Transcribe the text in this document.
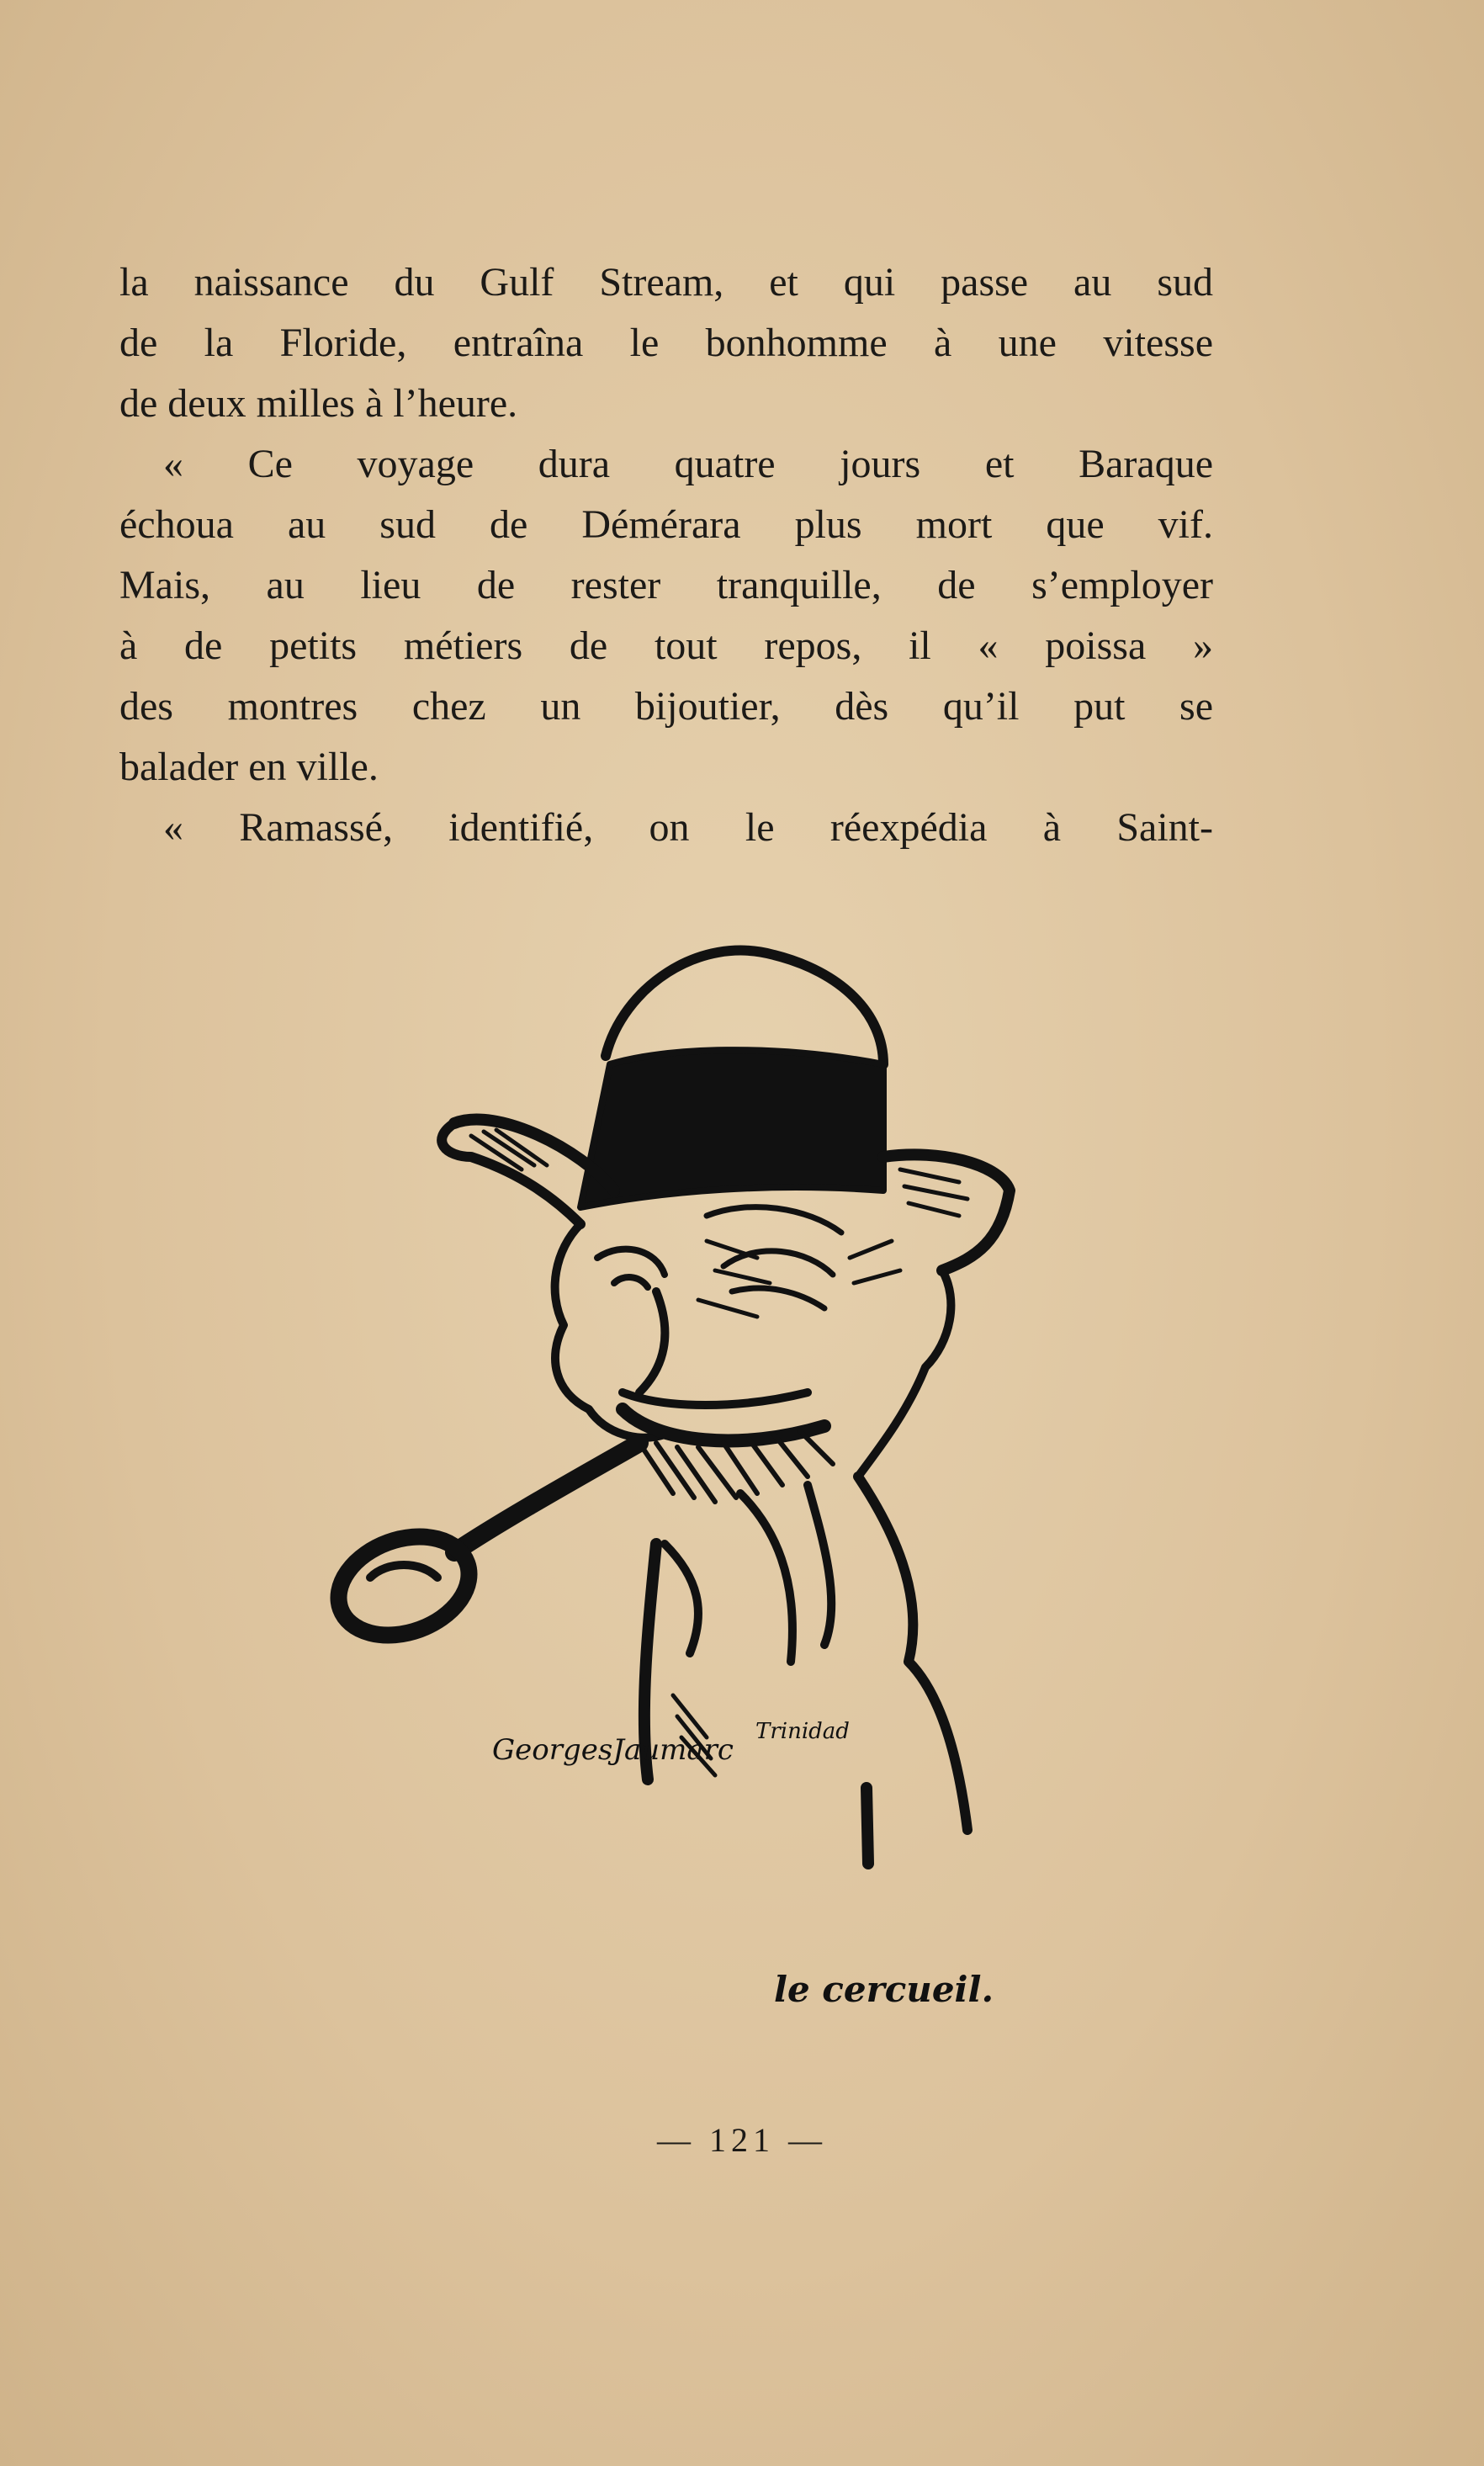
la naissance du Gulf Stream, et qui passe au sud
de la Floride, entraîna le bonhomme à une vitesse
de deux milles à l’heure.
« Ce voyage dura quatre jours et Baraque
échoua au sud de Démérara plus mort que vif.
Mais, au lieu de rester tranquille, de s’employer
à de petits métiers de tout repos, il « poissa »
des montres chez un bijoutier, dès qu’il put se
balader en ville.
« Ramassé, identifié, on le réexpédia à Saint-
GeorgesJaumarc
Trinidad
le cercueil.
— 121 —
